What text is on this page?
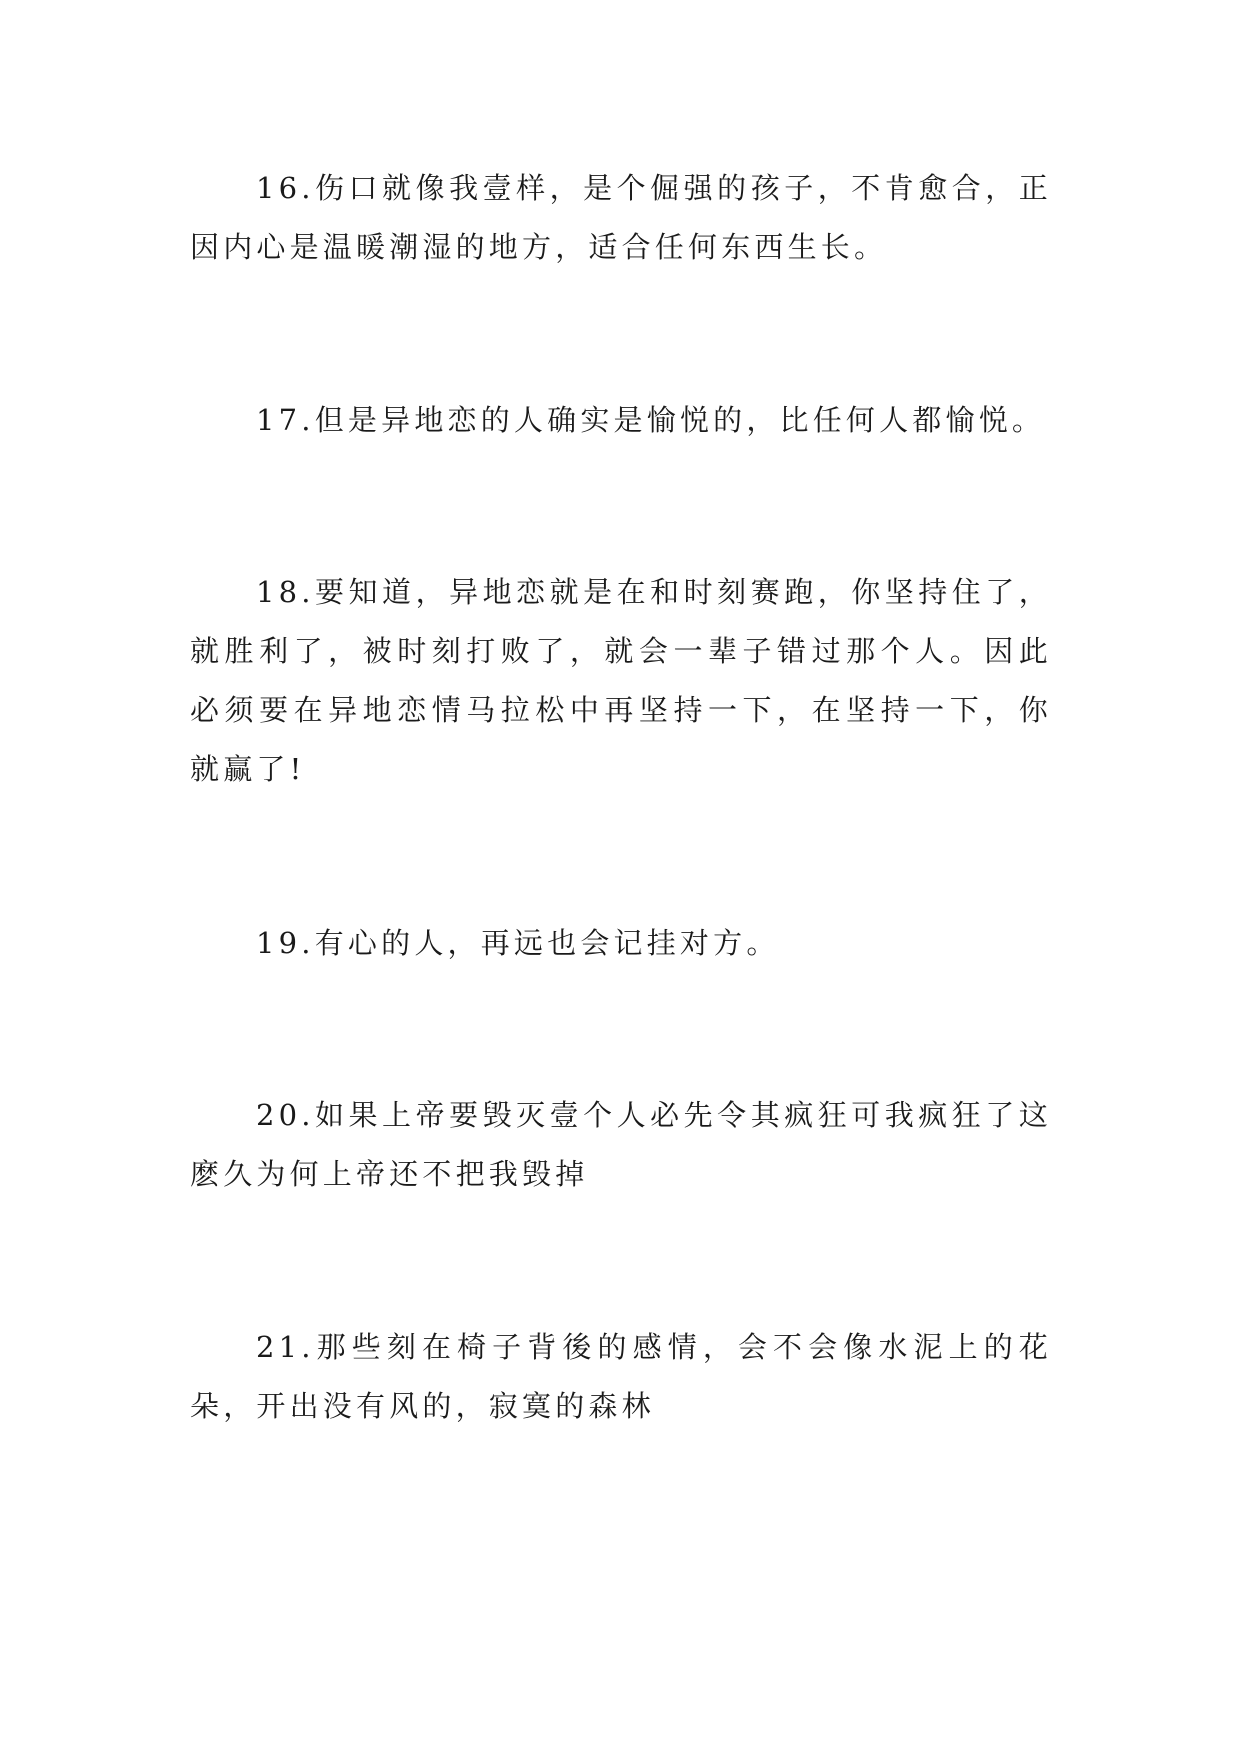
16.伤口就像我壹样，是个倔强的孩子，不肯愈合，正因内心是温暖潮湿的地方，适合任何东西生长。

17.但是异地恋的人确实是愉悦的，比任何人都愉悦。

18.要知道，异地恋就是在和时刻赛跑，你坚持住了，就胜利了，被时刻打败了，就会一辈子错过那个人。因此必须要在异地恋情马拉松中再坚持一下，在坚持一下，你就赢了!

19.有心的人，再远也会记挂对方。

20.如果上帝要毁灭壹个人必先令其疯狂可我疯狂了这麽久为何上帝还不把我毁掉

21.那些刻在椅子背後的感情，会不会像水泥上的花朵，开出没有风的，寂寞的森林
